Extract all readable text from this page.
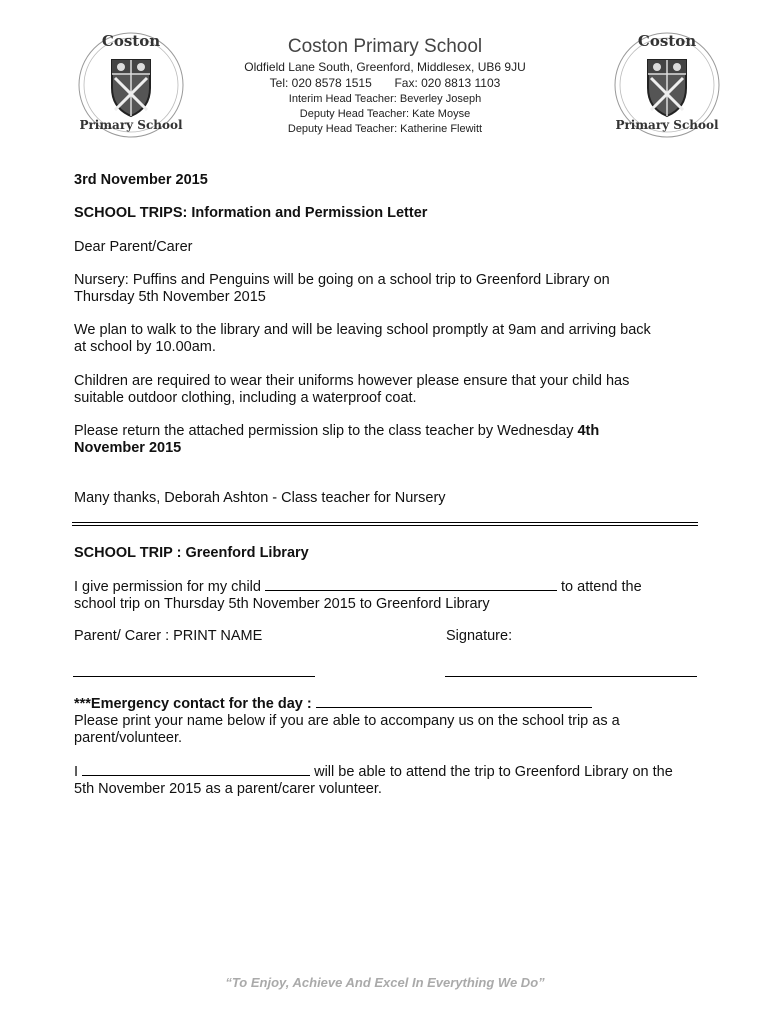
Coston
Primary School
Coston
Primary School
Coston Primary School
Oldfield Lane South, Greenford, Middlesex, UB6 9JU
Tel: 020 8578 1515 Fax: 020 8813 1103
Interim Head Teacher: Beverley Joseph
Deputy Head Teacher: Kate Moyse
Deputy Head Teacher: Katherine Flewitt
3rd November 2015
SCHOOL TRIPS: Information and Permission Letter
Dear Parent/Carer
Nursery: Puffins and Penguins will be going on a school trip to Greenford Library on
Thursday 5th November 2015
We plan to walk to the library and will be leaving school promptly at 9am and arriving back
at school by 10.00am.
Children are required to wear their uniforms however please ensure that your child has
suitable outdoor clothing, including a waterproof coat.
Please return the attached permission slip to the class teacher by Wednesday 4th
November 2015
Many thanks, Deborah Ashton - Class teacher for Nursery
SCHOOL TRIP : Greenford Library
I give permission for my child	to attend the
school trip on Thursday 5th November 2015 to Greenford Library
Parent/ Carer : PRINT NAME	Signature:
***Emergency contact for the day :
Please print your name below if you are able to accompany us on the school trip as a
parent/volunteer.
I	will be able to attend the trip to Greenford Library on the
5th November 2015 as a parent/carer volunteer.
“To Enjoy, Achieve And Excel In Everything We Do”
